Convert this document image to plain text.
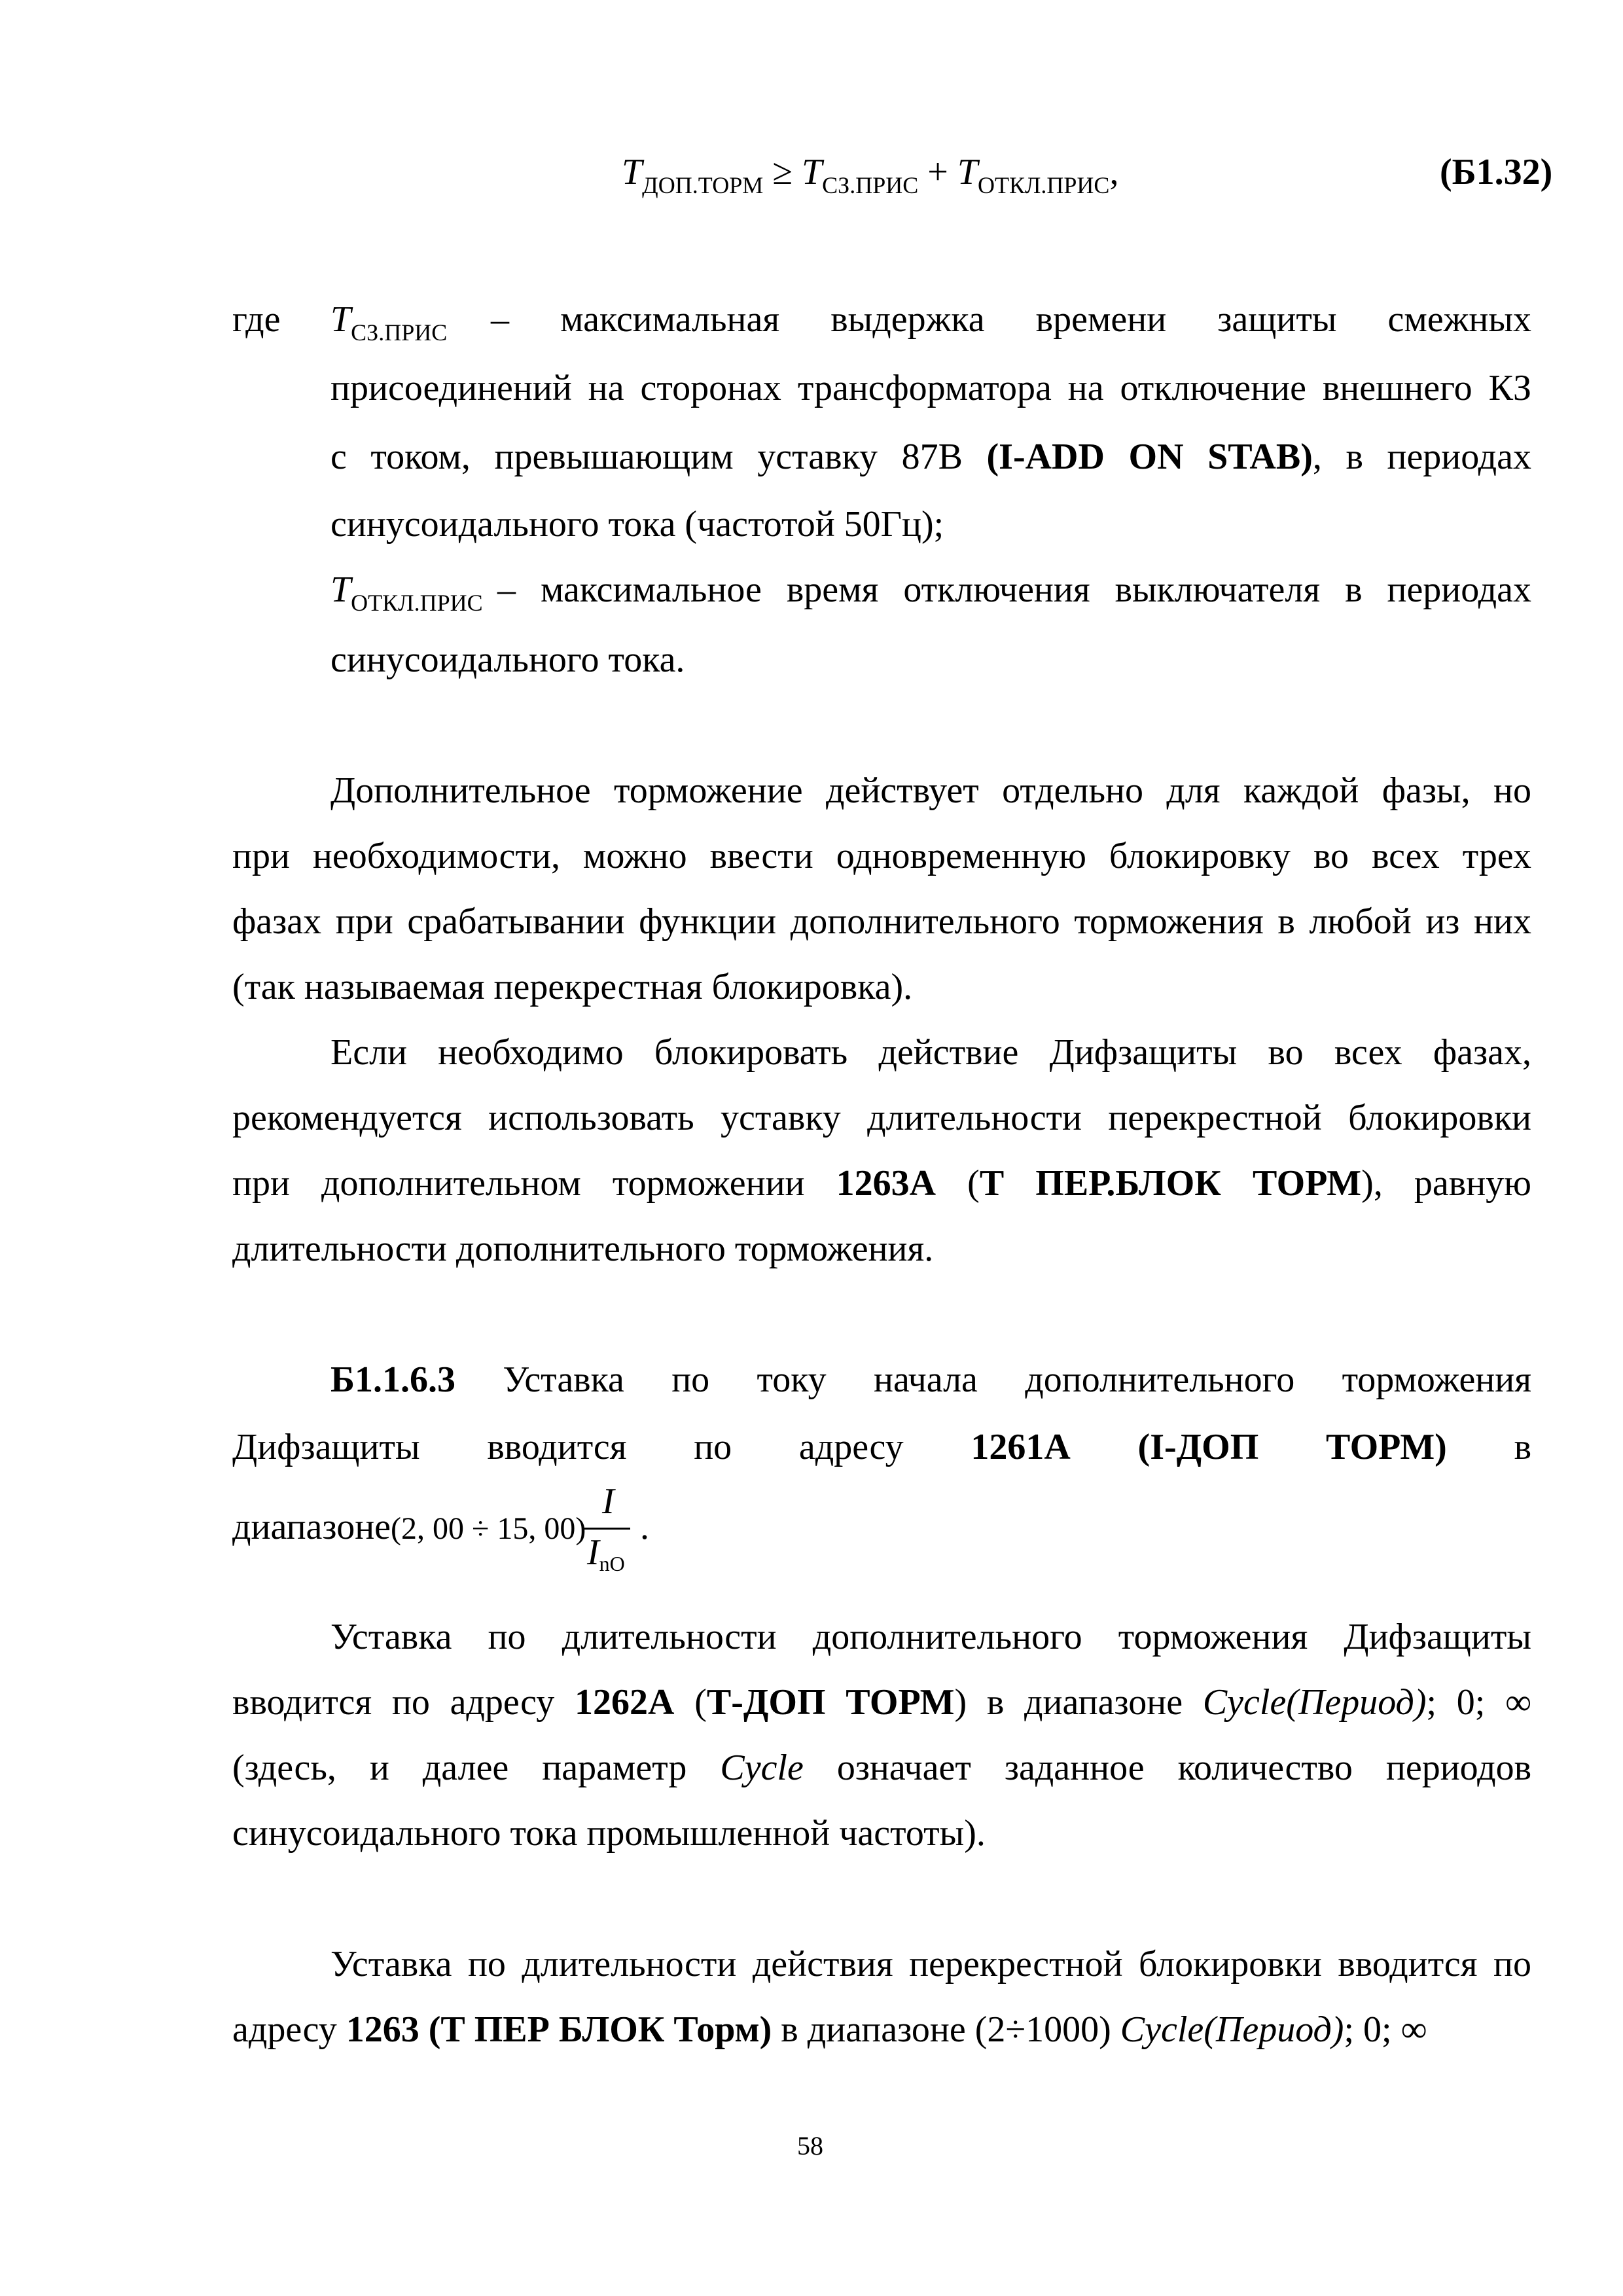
$T_{ДОП.ТОРМ} \ge T_{СЗ.ПРИС} + T_{ОТКЛ.ПРИС}$,	(Б1.32)
где $T_{СЗ.ПРИС}$ – максимальная выдержка времени защиты смежных
присоединений на сторонах трансформатора на отключение внешнего КЗ
с током, превышающим уставку 87В (I-ADD ON STAB), в периодах
синусоидального тока (частотой 50Гц);
$T_{ОТКЛ.ПРИС}$ – максимальное время отключения выключателя в периодах
синусоидального тока.
Дополнительное торможение действует отдельно для каждой фазы, но
при необходимости, можно ввести одновременную блокировку во всех трех
фазах при срабатывании функции дополнительного торможения в любой из них
(так называемая перекрестная блокировка).
Если необходимо блокировать действие Дифзащиты во всех фазах,
рекомендуется использовать уставку длительности перекрестной блокировки
при дополнительном торможении 1263А (Т ПЕР.БЛОК ТОРМ), равную
длительности дополнительного торможения.
Б1.1.6.3 Уставка по току начала дополнительного торможения
Дифзащиты вводится по адресу 1261А (I-ДОП ТОРМ) в
диапазоне(2, 00 ÷ 15, 00)
I
InO
.
Уставка по длительности дополнительного торможения Дифзащиты
вводится по адресу 1262А (Т-ДОП ТОРМ) в диапазоне Cycle(Период); 0; ∞
(здесь, и далее параметр Cycle означает заданное количество периодов
синусоидального тока промышленной частоты).
Уставка по длительности действия перекрестной блокировки вводится по
адресу 1263 (Т ПЕР БЛОК Торм) в диапазоне (2÷1000) Cycle(Период); 0; ∞
58
